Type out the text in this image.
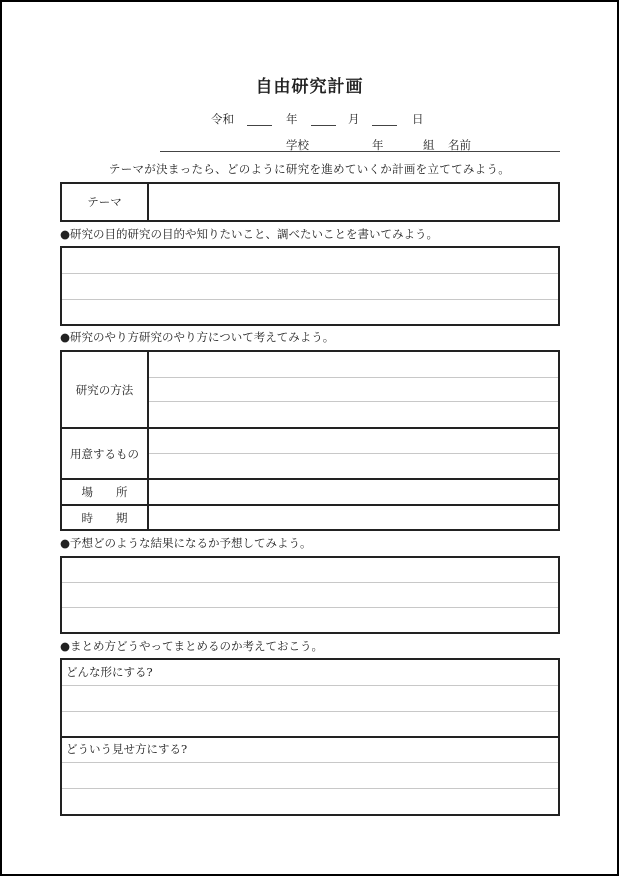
自由研究計画
令和	年	月	日
学校	年	組 名前
テーマが決まったら、どのように研究を進めていくか計画を立ててみよう。
テーマ
●研究の目的研究の目的や知りたいこと、調べたいことを書いてみよう。
●研究のやり方研究のやり方について考えてみよう。
研究の方法
用意するもの
場　　所
時　　期
●予想どのような結果になるか予想してみよう。
●まとめ方どうやってまとめるのか考えておこう。
どんな形にする?
どういう見せ方にする?
